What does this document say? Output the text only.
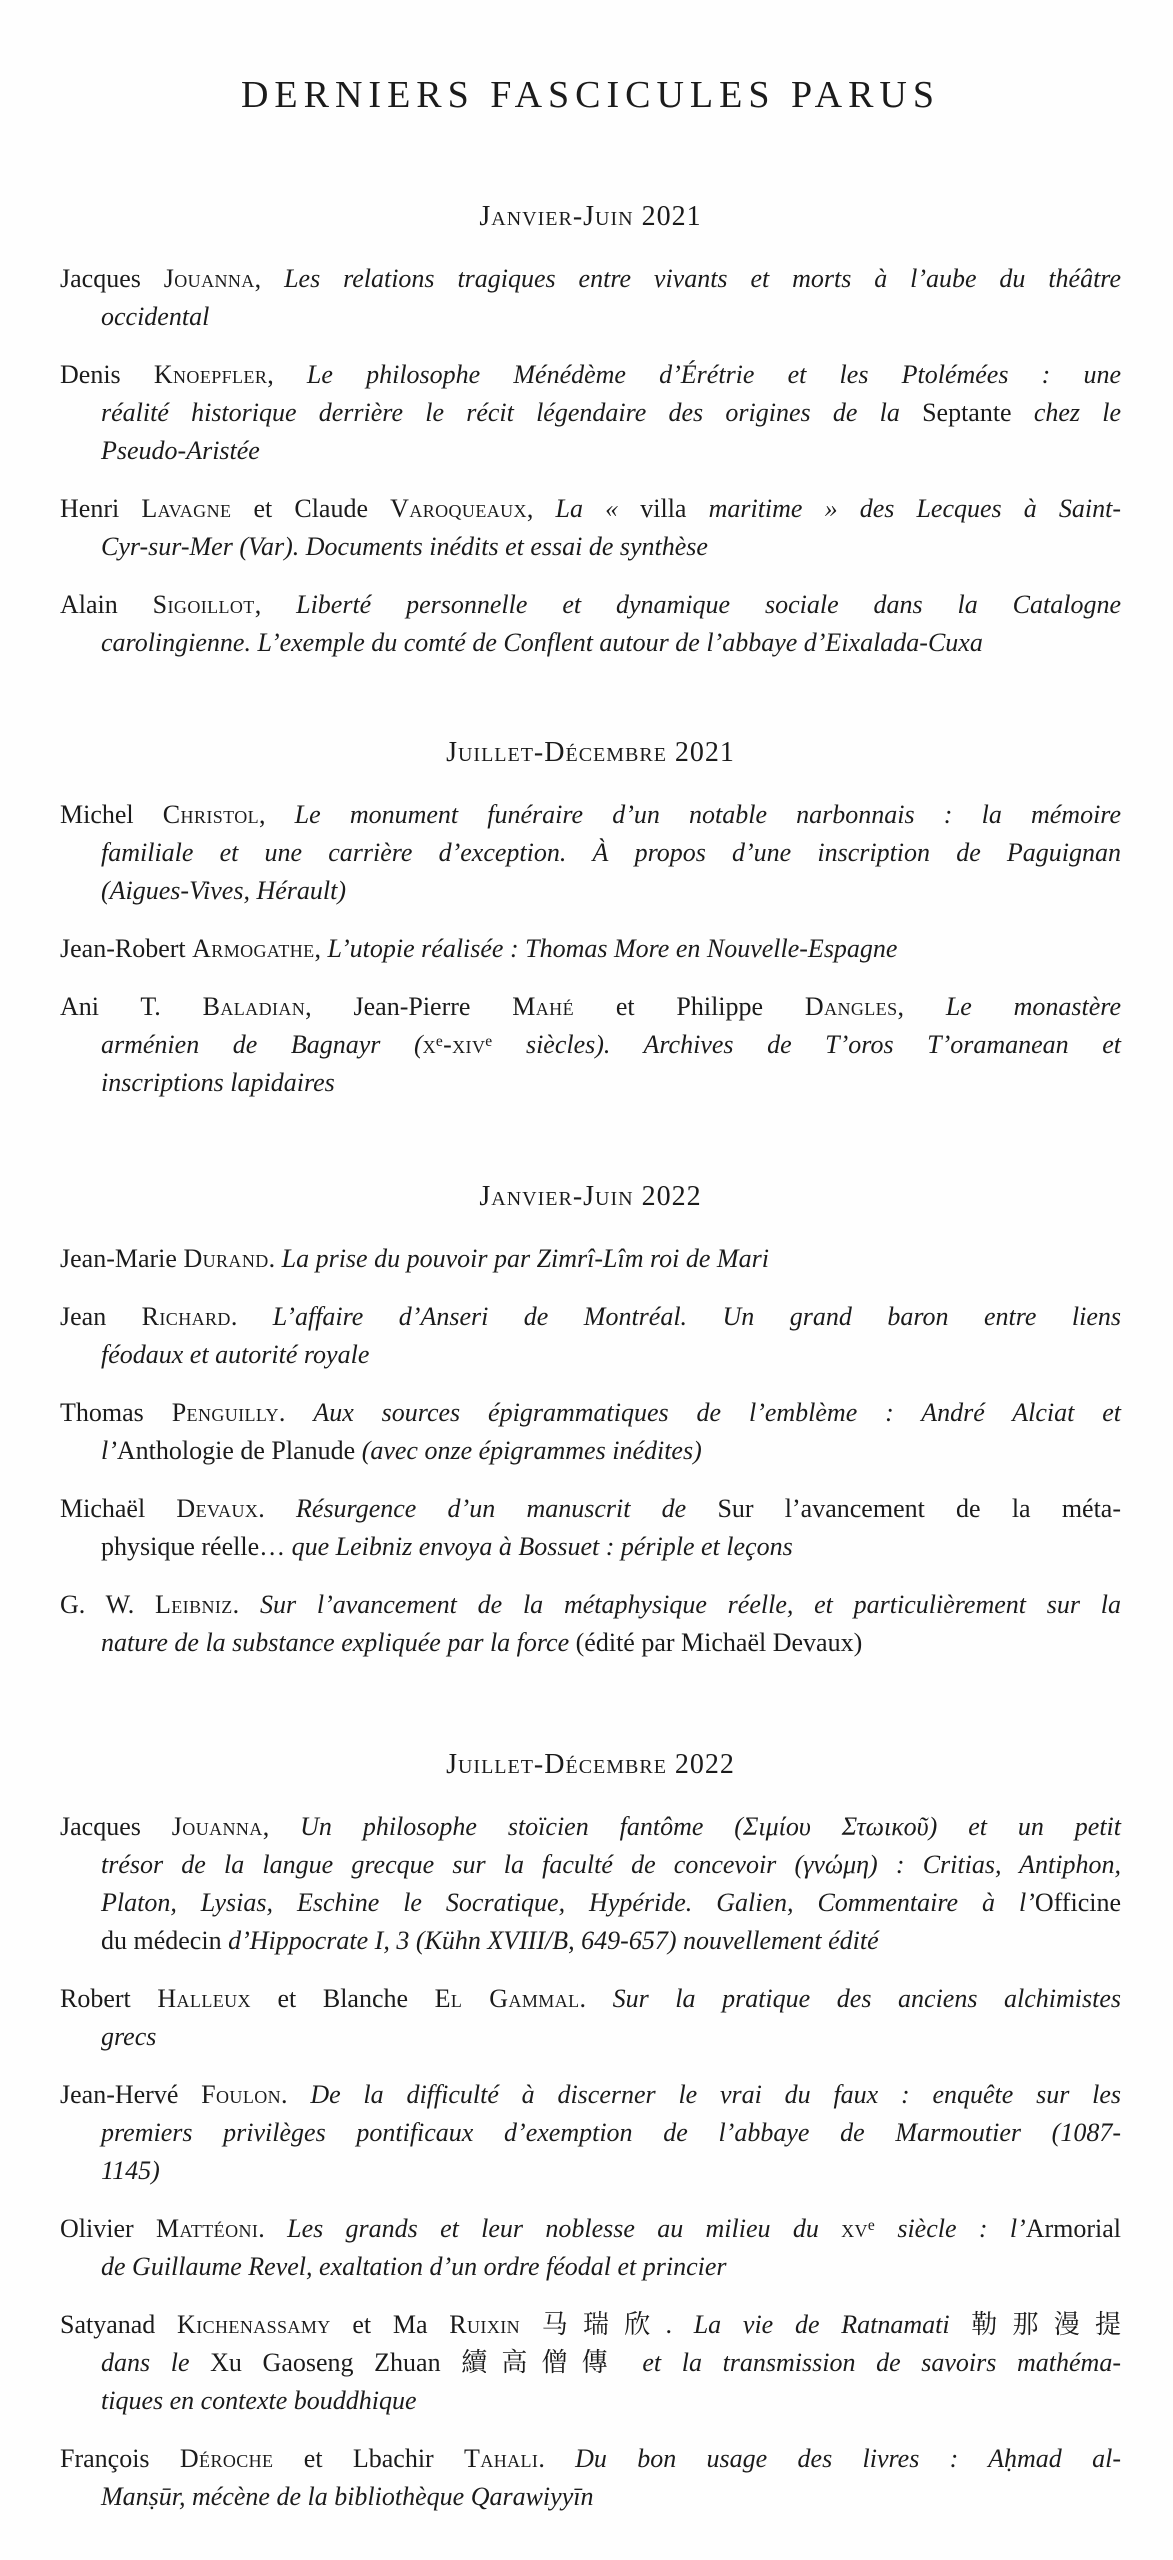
DERNIERS FASCICULES PARUS
Janvier-Juin 2021
Jacques Jouanna, Les relations tragiques entre vivants et morts à l’aube du théâtre
occidental
Denis Knoepfler, Le philosophe Ménédème d’Érétrie et les Ptolémées : une
réalité historique derrière le récit légendaire des origines de la Septante chez le
Pseudo-Aristée
Henri Lavagne et Claude Varoqueaux, La « villa maritime » des Lecques à Saint-
Cyr-sur-Mer (Var). Documents inédits et essai de synthèse
Alain Sigoillot, Liberté personnelle et dynamique sociale dans la Catalogne
carolingienne. L’exemple du comté de Conflent autour de l’abbaye d’Eixalada-Cuxa
Juillet-Décembre 2021
Michel Christol, Le monument funéraire d’un notable narbonnais : la mémoire
familiale et une carrière d’exception. À propos d’une inscription de Paguignan
(Aigues-Vives, Hérault)
Jean-Robert Armogathe, L’utopie réalisée : Thomas More en Nouvelle-Espagne
Ani T. Baladian, Jean-Pierre Mahé et Philippe Dangles, Le monastère
arménien de Bagnayr (xᵉ-xivᵉ siècles). Archives de T’oros T’oramanean et
inscriptions lapidaires
Janvier-Juin 2022
Jean-Marie Durand. La prise du pouvoir par Zimrî-Lîm roi de Mari
Jean Richard. L’affaire d’Anseri de Montréal. Un grand baron entre liens
féodaux et autorité royale
Thomas Penguilly. Aux sources épigrammatiques de l’emblème : André Alciat et
l’Anthologie de Planude (avec onze épigrammes inédites)
Michaël Devaux. Résurgence d’un manuscrit de Sur l’avancement de la méta-
physique réelle… que Leibniz envoya à Bossuet : périple et leçons
G. W. Leibniz. Sur l’avancement de la métaphysique réelle, et particulièrement sur la
nature de la substance expliquée par la force (édité par Michaël Devaux)
Juillet-Décembre 2022
Jacques Jouanna, Un philosophe stoïcien fantôme (Σιμίου Στωικοῦ) et un petit
trésor de la langue grecque sur la faculté de concevoir (γνώμη) : Critias, Antiphon,
Platon, Lysias, Eschine le Socratique, Hypéride. Galien, Commentaire à l’Officine
du médecin d’Hippocrate I, 3 (Kühn XVIII/B, 649-657) nouvellement édité
Robert Halleux et Blanche El Gammal. Sur la pratique des anciens alchimistes
grecs
Jean-Hervé Foulon. De la difficulté à discerner le vrai du faux : enquête sur les
premiers privilèges pontificaux d’exemption de l’abbaye de Marmoutier (1087-
1145)
Olivier Mattéoni. Les grands et leur noblesse au milieu du xvᵉ siècle : l’Armorial
de Guillaume Revel, exaltation d’un ordre féodal et princier
Satyanad Kichenassamy et Ma Ruixin 马瑞欣. La vie de Ratnamati 勒那漫提
dans le Xu Gaoseng Zhuan 續高僧傳 et la transmission de savoirs mathéma-
tiques en contexte bouddhique
François Déroche et Lbachir Tahali. Du bon usage des livres : Aḥmad al-
Manṣūr, mécène de la bibliothèque Qarawiyyīn
